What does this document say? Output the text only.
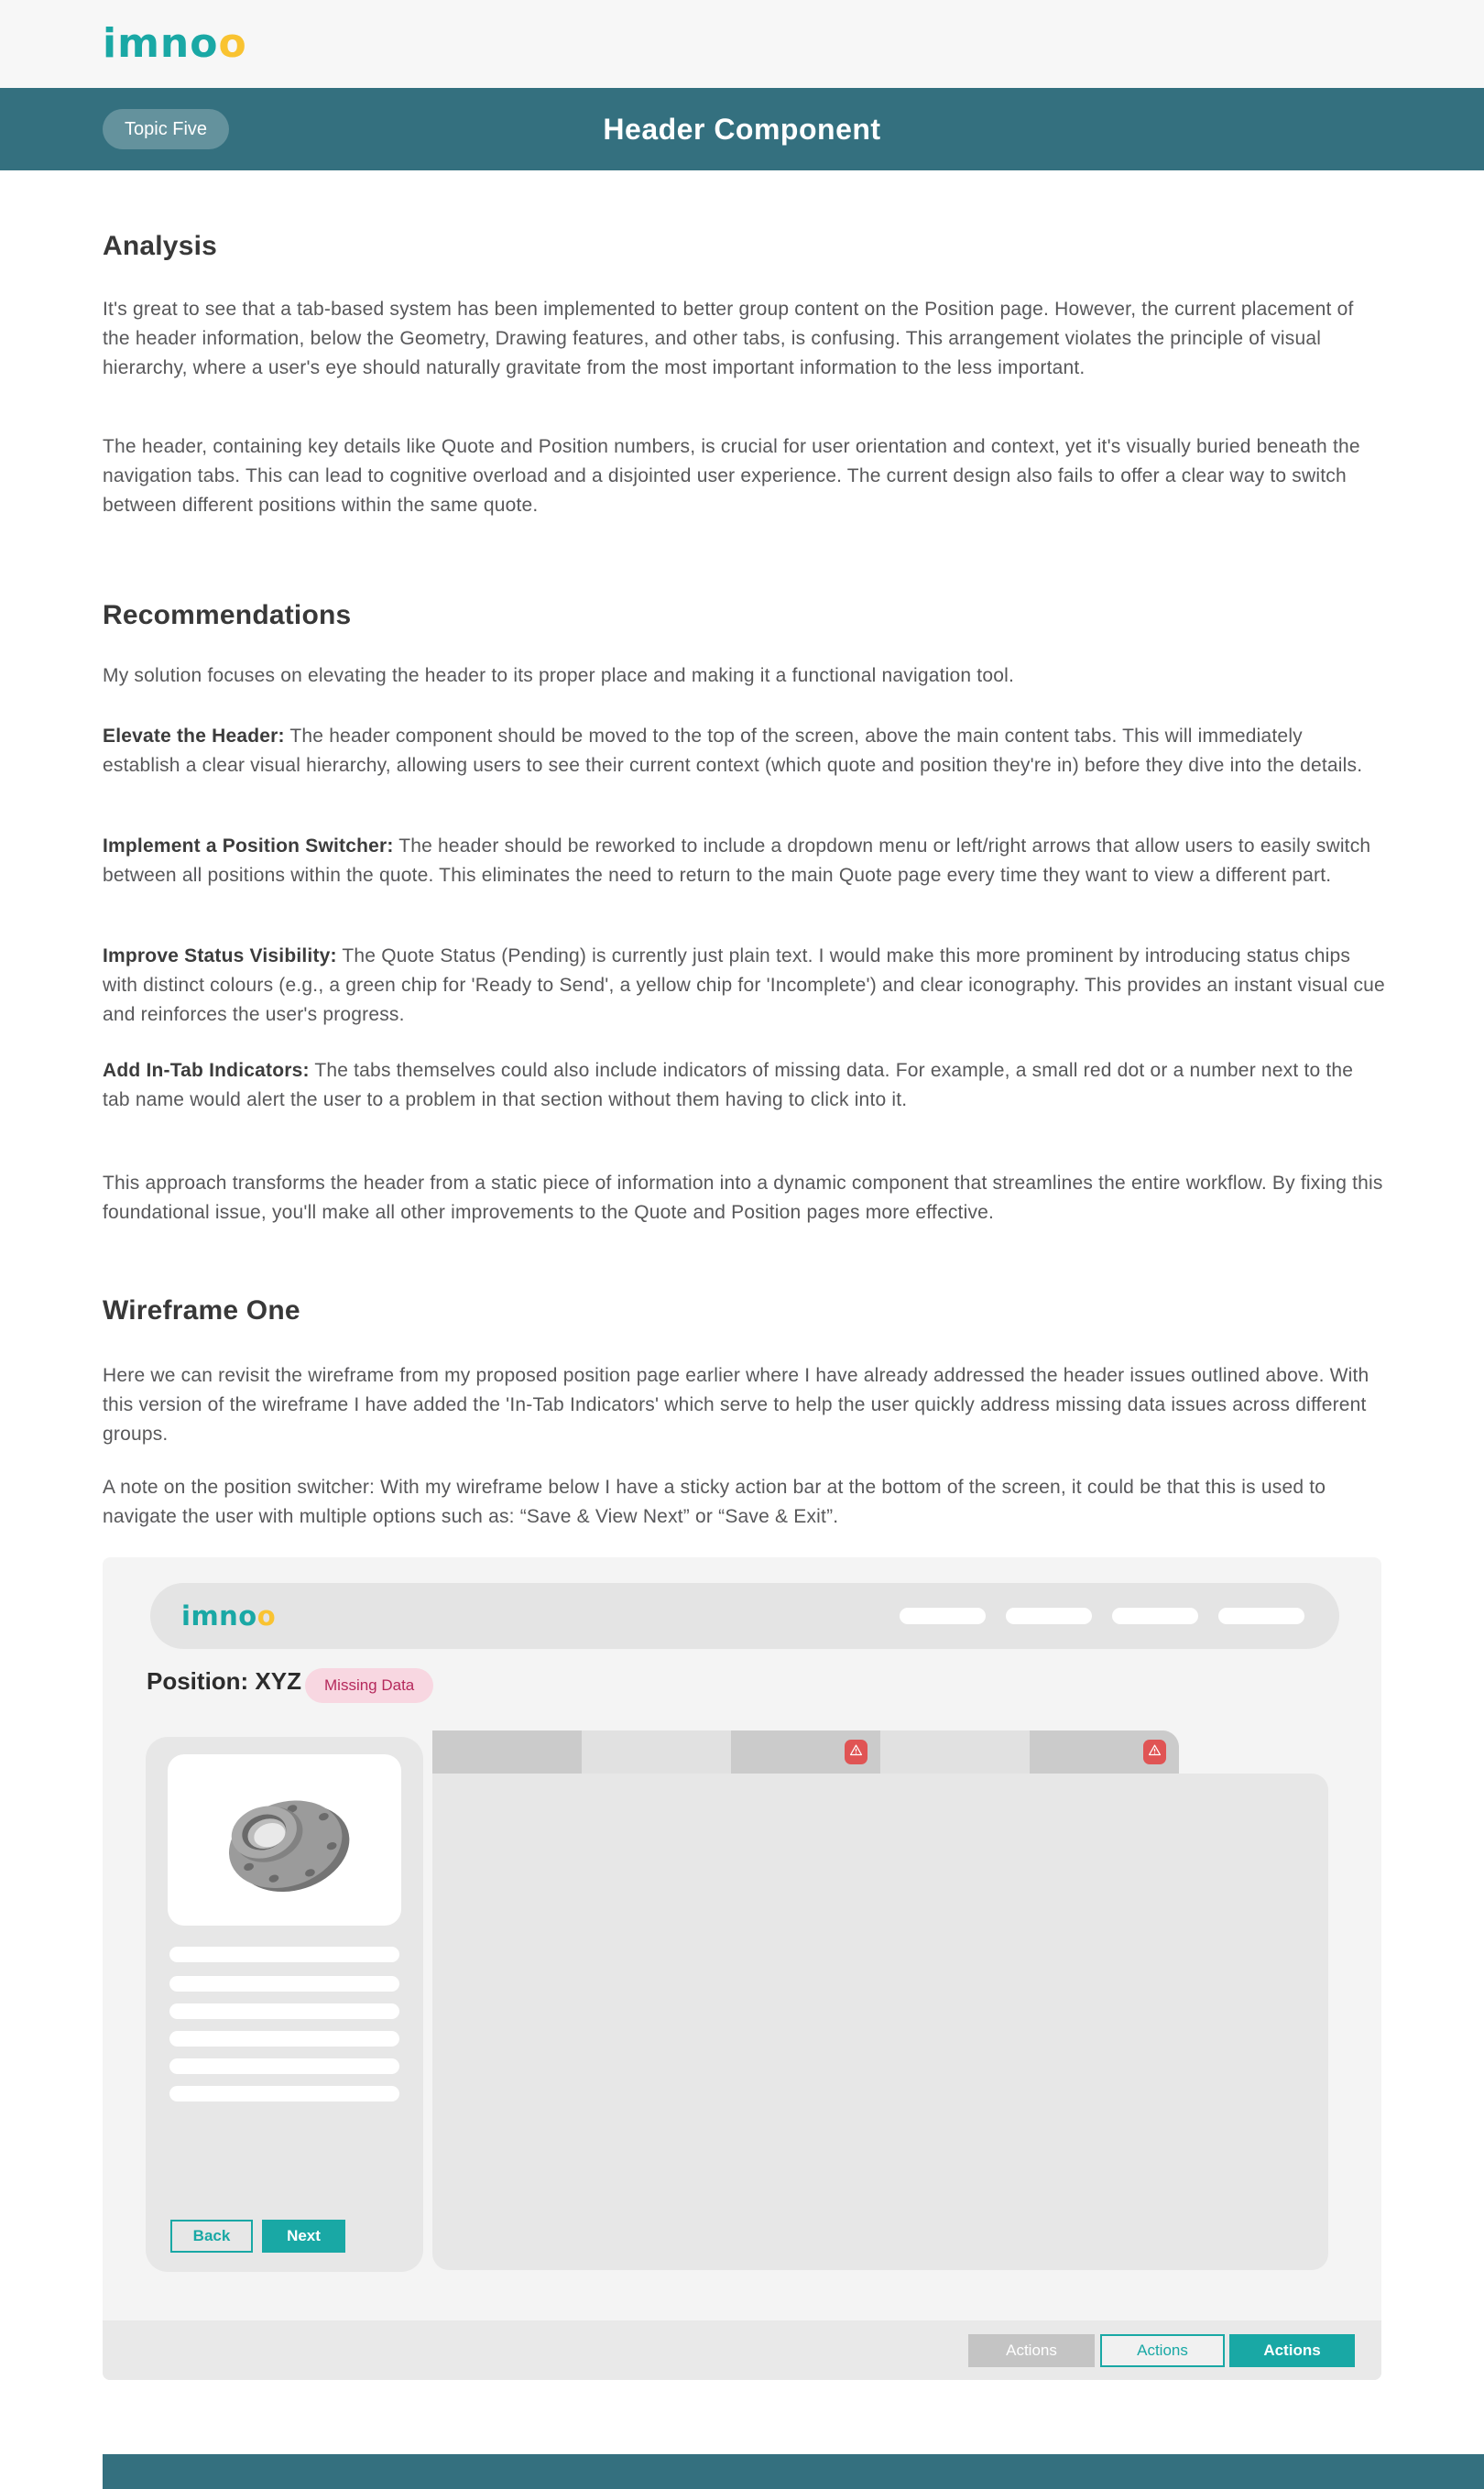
imnoo
Topic Five	Header Component
Analysis

It's great to see that a tab-based system has been implemented to better group content on the Position page. However, the current placement of the header information, below the Geometry, Drawing features, and other tabs, is confusing. This arrangement violates the principle of visual hierarchy, where a user's eye should naturally gravitate from the most important information to the less important.

The header, containing key details like Quote and Position numbers, is crucial for user orientation and context, yet it's visually buried beneath the navigation tabs. This can lead to cognitive overload and a disjointed user experience. The current design also fails to offer a clear way to switch between different positions within the same quote.

Recommendations

My solution focuses on elevating the header to its proper place and making it a functional navigation tool.

Elevate the Header: The header component should be moved to the top of the screen, above the main content tabs. This will immediately establish a clear visual hierarchy, allowing users to see their current context (which quote and position they're in) before they dive into the details.

Implement a Position Switcher: The header should be reworked to include a dropdown menu or left/right arrows that allow users to easily switch between all positions within the quote. This eliminates the need to return to the main Quote page every time they want to view a different part.

Improve Status Visibility: The Quote Status (Pending) is currently just plain text. I would make this more prominent by introducing status chips with distinct colours (e.g., a green chip for 'Ready to Send', a yellow chip for 'Incomplete') and clear iconography. This provides an instant visual cue and reinforces the user's progress.

Add In-Tab Indicators: The tabs themselves could also include indicators of missing data. For example, a small red dot or a number next to the tab name would alert the user to a problem in that section without them having to click into it.

This approach transforms the header from a static piece of information into a dynamic component that streamlines the entire workflow. By fixing this foundational issue, you'll make all other improvements to the Quote and Position pages more effective.

Wireframe One

Here we can revisit the wireframe from my proposed position page earlier where I have already addressed the header issues outlined above. With this version of the wireframe I have added the 'In-Tab Indicators' which serve to help the user quickly address missing data issues across different groups.

A note on the position switcher: With my wireframe below I have a sticky action bar at the bottom of the screen, it could be that this is used to navigate the user with multiple options such as: “Save & View Next” or “Save & Exit”.

imnoo
Position: XYZ	Missing Data
Back	Next
Actions	Actions	Actions
